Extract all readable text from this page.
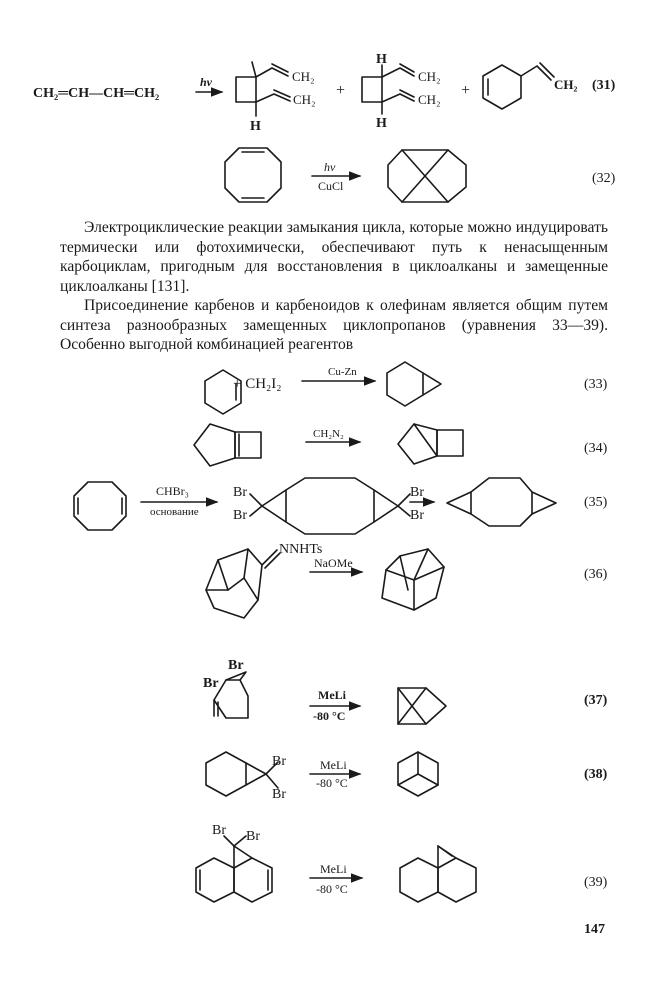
CH₂═CH—CH═CH₂
hν	CH₂
CH₂
H
+
H
CH₂
CH₂
H
+	CH₂ (31)
hν
CuCl	(32)
+ CH₂I₂
Cu-Zn
(33)
CH₂N₂
(34)
CHBr₃
основание
Br
Br
Br
Br
(35)
NNHTs
NaOMe
(36)
Br
Br
MeLi
-80 °C
(37)
Br
Br
MeLi
-80 °C
(38)
Br Br
MeLi
-80 °C	(39)

Электроциклические реакции замыкания цикла, которые можно индуцировать термически или фотохимически, обеспечивают путь к ненасыщенным карбоциклам, пригодным для восстановления в циклоалканы и замещенные циклоалканы [131].

Присоединение карбенов и карбеноидов к олефинам является общим путем синтеза разнообразных замещенных циклопропанов (уравнения 33—39). Особенно выгодной комбинацией реагентов

147
